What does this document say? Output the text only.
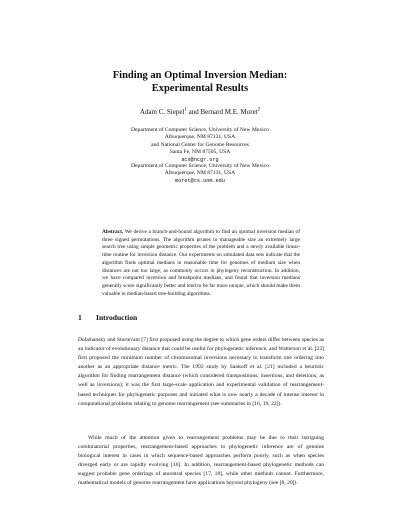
Finding an Optimal Inversion Median:
Experimental Results
Adam C. Siepel$^1$ and Bernard M.E. Moret$^2$
Department of Computer Science, University of New Mexico
Albuquerque, NM 87131, USA
and National Center for Genome Resources
Santa Fe, NM 87505, USA
acs@ncgr.org
Department of Computer Science, University of New Mexico
Albuquerque, NM 87131, USA
moret@cs.unm.edu
Abstract. We derive a branch-and-bound algorithm to find an optimal inversion median of three signed permutations. The algorithm prunes to manageable size an extremely large search tree using simple geometric properties of the problem and a newly available linear-time routine for inversion distance. Our experiments on simulated data sets indicate that the algorithm finds optimal medians in reasonable time for genomes of medium size when distances are not too large, as commonly occurs in phylogeny reconstruction. In addition, we have compared inversion and breakpoint medians, and found that inversion medians generally score significantly better and tend to be far more unique, which should make them valuable in median-based tree-building algorithms.
1 Introduction
Dobzhansky and Sturtevant [7] first proposed using the degree to which gene orders differ between species as an indicator of evolutionary distance that could be useful for phylogenetic inference, and Watterson et al. [23] first proposed the minimum number of chromosomal inversions necessary to transform one ordering into another as an appropriate distance metric. The 1992 study by Sankoff et al. [21] included a heuristic algorithm for finding rearrangement distance (which considered transpositions, insertions, and deletions, as well as inversions); it was the first large-scale application and experimental validation of rearrangement-based techniques for phylogenetic purposes and initiated what is now nearly a decade of intense interest in computational problems relating to genome rearrangement (see summaries in [16, 19, 22]).
While much of the attention given to rearrangement problems may be due to their intriguing combinatorial properties, rearrangement-based approaches to phylogenetic inference are of genuine biological interest in cases in which sequence-based approaches perform poorly, such as when species diverged early or are rapidly evolving [16]. In addition, rearrangement-based phylogenetic methods can suggest probable gene orderings of ancestral species [17, 18], while other methods cannot. Furthermore, mathematical models of genome rearrangement have applications beyond phylogeny (see [8, 20]).
